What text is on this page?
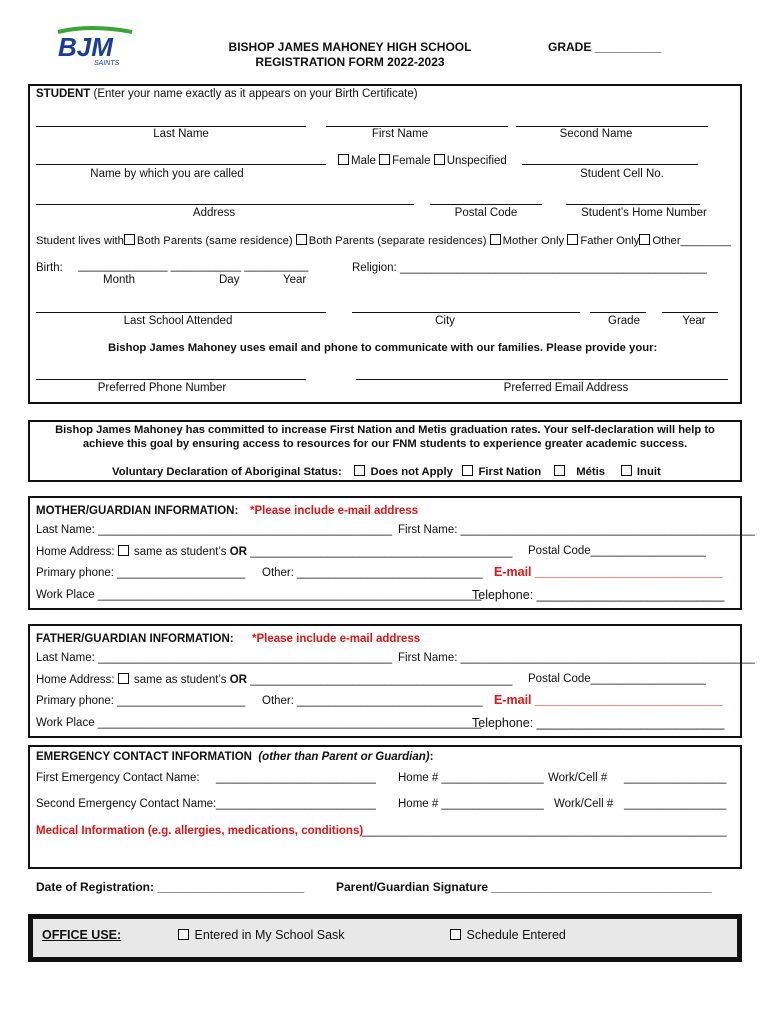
BJM
SAINTS
BISHOP JAMES MAHONEY HIGH SCHOOL
REGISTRATION FORM 2022-2023
GRADE __________
STUDENT (Enter your name exactly as it appears on your Birth Certificate)
Last Name	First Name	Second Name
Male Female Unspecified
Name by which you are called	Student Cell No.
Address	Postal Code	Student’s Home Number
Student lives with Both Parents (same residence) Both Parents (separate residences) Mother Only Father Only Other________
Birth: ______________ ___________ __________
Month	Day	Year
Religion: ________________________________________________
Last School Attended	City	Grade	Year
Bishop James Mahoney uses email and phone to communicate with our families. Please provide your:
Preferred Phone Number	Preferred Email Address
Bishop James Mahoney has committed to increase First Nation and Metis graduation rates. Your self-declaration will help to
achieve this goal by ensuring access to resources for our FNM students to experience greater academic success.
Voluntary Declaration of Aboriginal Status:	Does not Apply First Nation	Métis	Inuit
MOTHER/GUARDIAN INFORMATION: *Please include e-mail address
Last Name: ______________________________________________ First Name: ______________________________________________
Home Address: same as student’s OR _________________________________________ Postal Code__________________
Primary phone: ____________________ Other: _____________________________ E-mail ___________________________
Work Place ____________________________________________________________
Telephone: ___________________________
FATHER/GUARDIAN INFORMATION: *Please include e-mail address
Last Name: ______________________________________________ First Name: ______________________________________________
Home Address: same as student’s OR _________________________________________ Postal Code__________________
Primary phone: ____________________ Other: _____________________________ E-mail ___________________________
Work Place ____________________________________________________________
Telephone: ___________________________
EMERGENCY CONTACT INFORMATION (other than Parent or Guardian):
First Emergency Contact Name: _________________________ Home # ________________ Work/Cell # ________________
Second Emergency Contact Name: _________________________ Home # ________________ Work/Cell # ________________
Medical Information (e.g. allergies, medications, conditions)
_________________________________________________________
Date of Registration: ______________________	Parent/Guardian Signature _________________________________
OFFICE USE:	Entered in My School Sask	Schedule Entered
